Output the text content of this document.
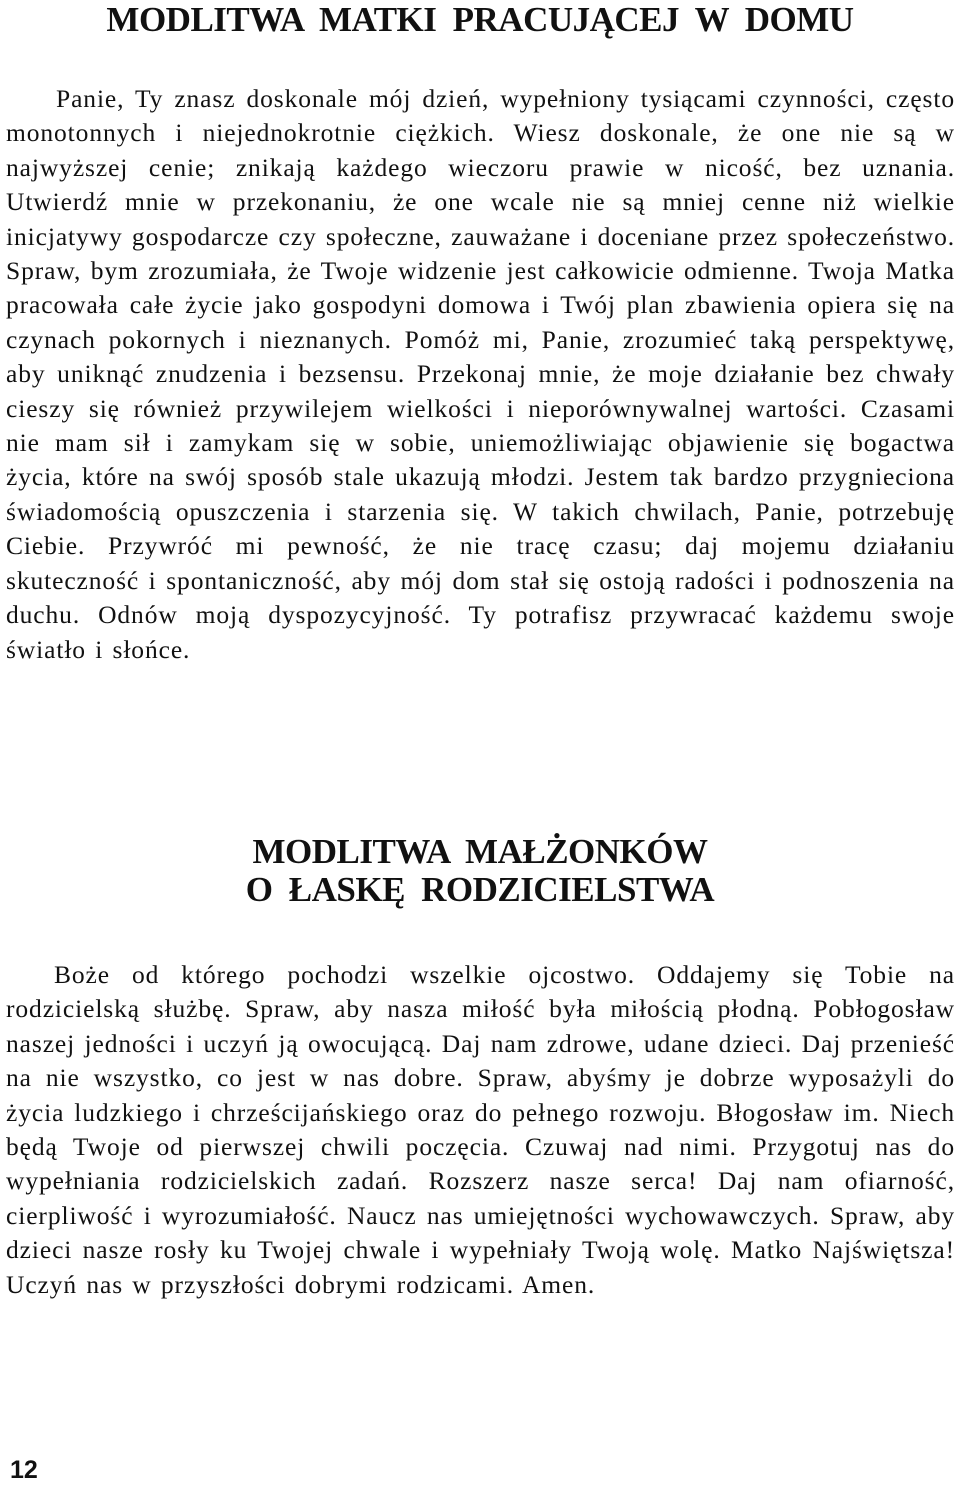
MODLITWA MATKI PRACUJĄCEJ W DOMU

Panie, Ty znasz doskonale mój dzień, wypełniony tysiącami czynności, często monotonnych i niejednokrotnie ciężkich. Wiesz doskonale, że one nie są w najwyższej cenie; znikają każdego wieczoru prawie w nicość, bez uznania. Utwierdź mnie w przekonaniu, że one wcale nie są mniej cenne niż wielkie inicjatywy gospodarcze czy społeczne, zauważane i doceniane przez społeczeństwo. Spraw, bym zrozumiała, że Twoje widzenie jest całkowicie odmienne. Twoja Matka pracowała całe życie jako gospodyni domowa i Twój plan zbawienia opiera się na czynach pokornych i nieznanych. Pomóż mi, Panie, zrozumieć taką perspektywę, aby uniknąć znudzenia i bezsensu. Przekonaj mnie, że moje działanie bez chwały cieszy się również przywilejem wielkości i nieporównywalnej wartości. Czasami nie mam sił i zamykam się w sobie, uniemożliwiając objawienie się bogactwa życia, które na swój sposób stale ukazują młodzi. Jestem tak bardzo przygnieciona świadomością opuszczenia i starzenia się. W takich chwilach, Panie, potrzebuję Ciebie. Przywróć mi pewność, że nie tracę czasu; daj mojemu działaniu skuteczność i spontaniczność, aby mój dom stał się ostoją radości i podnoszenia na duchu. Odnów moją dyspozycyjność. Ty potrafisz przywracać każdemu swoje światło i słońce.

MODLITWA MAŁŻONKÓW
O ŁASKĘ RODZICIELSTWA

Boże od którego pochodzi wszelkie ojcostwo. Oddajemy się Tobie na rodzicielską służbę. Spraw, aby nasza miłość była miłością płodną. Pobłogosław naszej jedności i uczyń ją owocującą. Daj nam zdrowe, udane dzieci. Daj przenieść na nie wszystko, co jest w nas dobre. Spraw, abyśmy je dobrze wyposażyli do życia ludzkiego i chrześcijańskiego oraz do pełnego rozwoju. Błogosław im. Niech będą Twoje od pierwszej chwili poczęcia. Czuwaj nad nimi. Przygotuj nas do wypełniania rodzicielskich zadań. Rozszerz nasze serca! Daj nam ofiarność, cierpliwość i wyrozumiałość. Naucz nas umiejętności wychowawczych. Spraw, aby dzieci nasze rosły ku Twojej chwale i wypełniały Twoją wolę. Matko Najświętsza! Uczyń nas w przyszłości dobrymi rodzicami. Amen.

12
